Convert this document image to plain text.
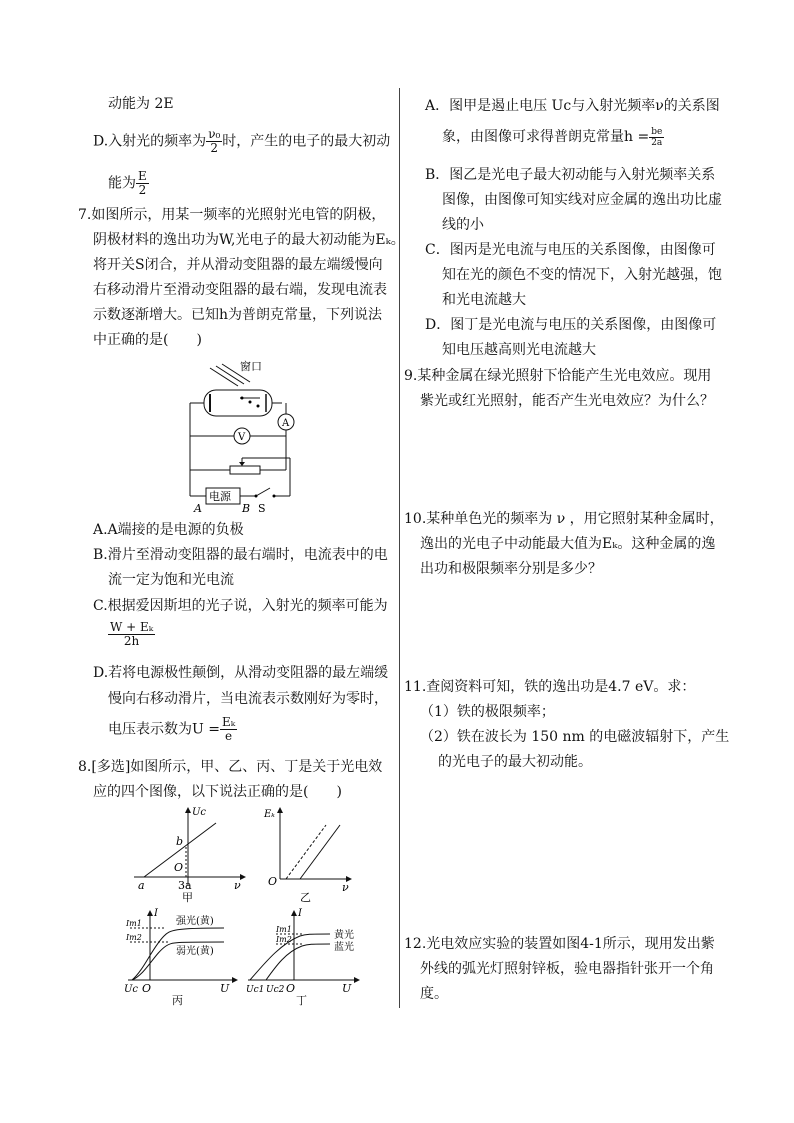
动能为 2E
D.入射光的频率为 $\frac{\text{ν₀}}{2}$ 时，产生的电子的最大初动
能为 $\frac{E}{2}$
7.如图所示，用某一频率的光照射光电管的阴极，
阴极材料的逸出功为W,光电子的最大初动能为Eₖ。
将开关S闭合，并从滑动变阻器的最左端缓慢向
右移动滑片至滑动变阻器的最右端，发现电流表
示数逐渐增大。已知h为普朗克常量，下列说法
中正确的是(　　)
窗口
A
V
电源
A	B S
A.A端接的是电源的负极
B.滑片至滑动变阻器的最右端时，电流表中的电
流一定为饱和光电流
C.根据爱因斯坦的光子说，入射光的频率可能为
$\frac{\text{W + Eₖ}}{2h}$
D.若将电源极性颠倒，从滑动变阻器的最左端缓
慢向右移动滑片，当电流表示数刚好为零时，
电压表示数为$U = \frac{\text{Eₖ}}{e}$
8.[多选]如图所示，甲、乙、丙、丁是关于光电效
应的四个图像，以下说法正确的是(　　)
Uc
b
O
a	3a	ν
甲
Eₖ
O	ν
乙
I
Im1
Im2
强光(黄)
弱光(黄)
Uc O	U
丙
I
Im1
Im2	黄光
蓝光
Uc1 Uc2 O	U
丁
A．图甲是遏止电压 Uc与入射光频率ν的关系图
象，由图像可求得普朗克常量$h = \frac{be}{2a}$
B．图乙是光电子最大初动能与入射光频率关系
图像，由图像可知实线对应金属的逸出功比虚
线的小
C．图丙是光电流与电压的关系图像，由图像可
知在光的颜色不变的情况下，入射光越强，饱
和光电流越大
D．图丁是光电流与电压的关系图像，由图像可
知电压越高则光电流越大
9.某种金属在绿光照射下恰能产生光电效应。现用
紫光或红光照射，能否产生光电效应？为什么？
10.某种单色光的频率为 ν ，用它照射某种金属时，
逸出的光电子中动能最大值为Eₖ。这种金属的逸
出功和极限频率分别是多少？
11.查阅资料可知，铁的逸出功是4.7 eV。求：
（1）铁的极限频率；
（2）铁在波长为 150 nm 的电磁波辐射下，产生
的光电子的最大初动能。
12.光电效应实验的装置如图4-1所示，现用发出紫
外线的弧光灯照射锌板，验电器指针张开一个角
度。
